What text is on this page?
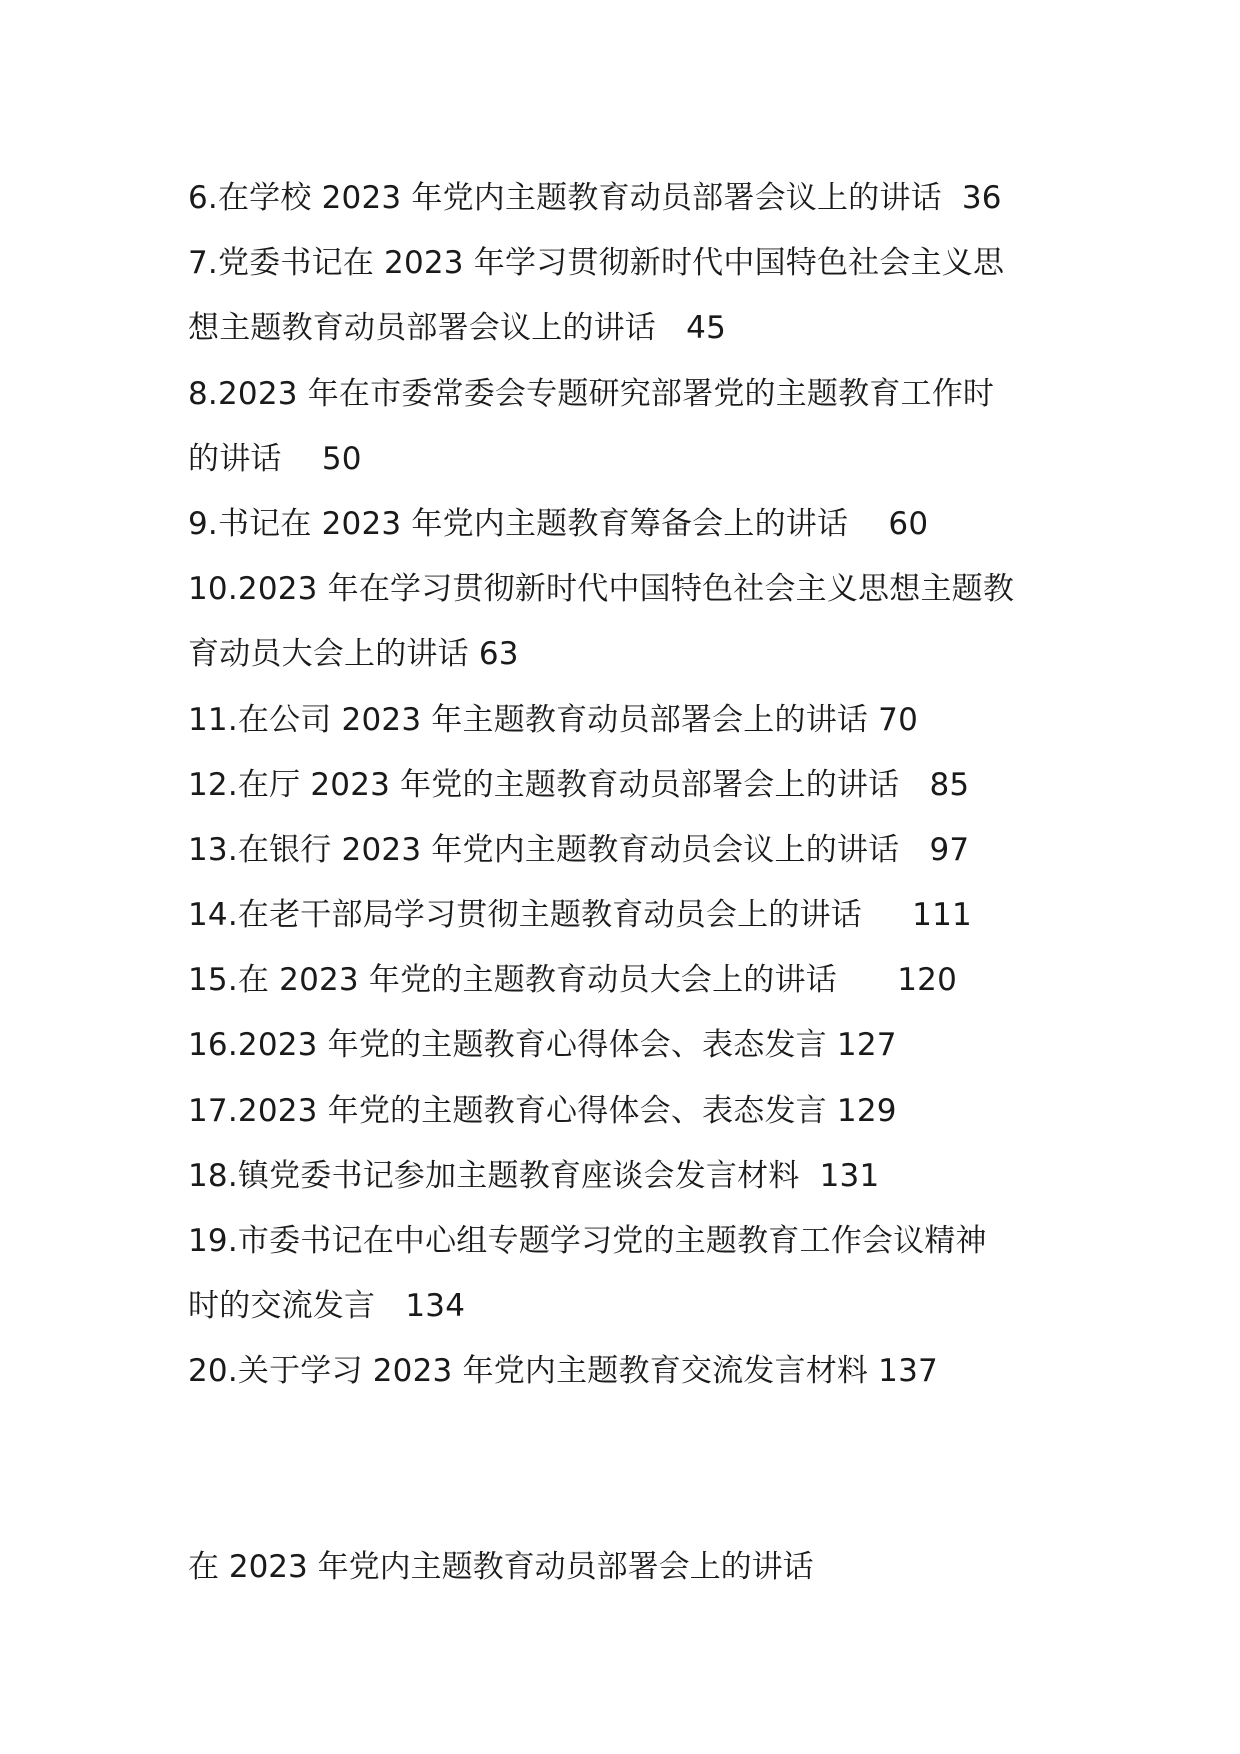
6.在学校 2023 年党内主题教育动员部署会议上的讲话  36
7.党委书记在 2023 年学习贯彻新时代中国特色社会主义思
想主题教育动员部署会议上的讲话   45
8.2023 年在市委常委会专题研究部署党的主题教育工作时
的讲话    50
9.书记在 2023 年党内主题教育筹备会上的讲话    60
10.2023 年在学习贯彻新时代中国特色社会主义思想主题教
育动员大会上的讲话 63
11.在公司 2023 年主题教育动员部署会上的讲话 70
12.在厅 2023 年党的主题教育动员部署会上的讲话   85
13.在银行 2023 年党内主题教育动员会议上的讲话   97
14.在老干部局学习贯彻主题教育动员会上的讲话     111
15.在 2023 年党的主题教育动员大会上的讲话      120
16.2023 年党的主题教育心得体会、表态发言 127
17.2023 年党的主题教育心得体会、表态发言 129
18.镇党委书记参加主题教育座谈会发言材料  131
19.市委书记在中心组专题学习党的主题教育工作会议精神
时的交流发言   134
20.关于学习 2023 年党内主题教育交流发言材料 137
在 2023 年党内主题教育动员部署会上的讲话
